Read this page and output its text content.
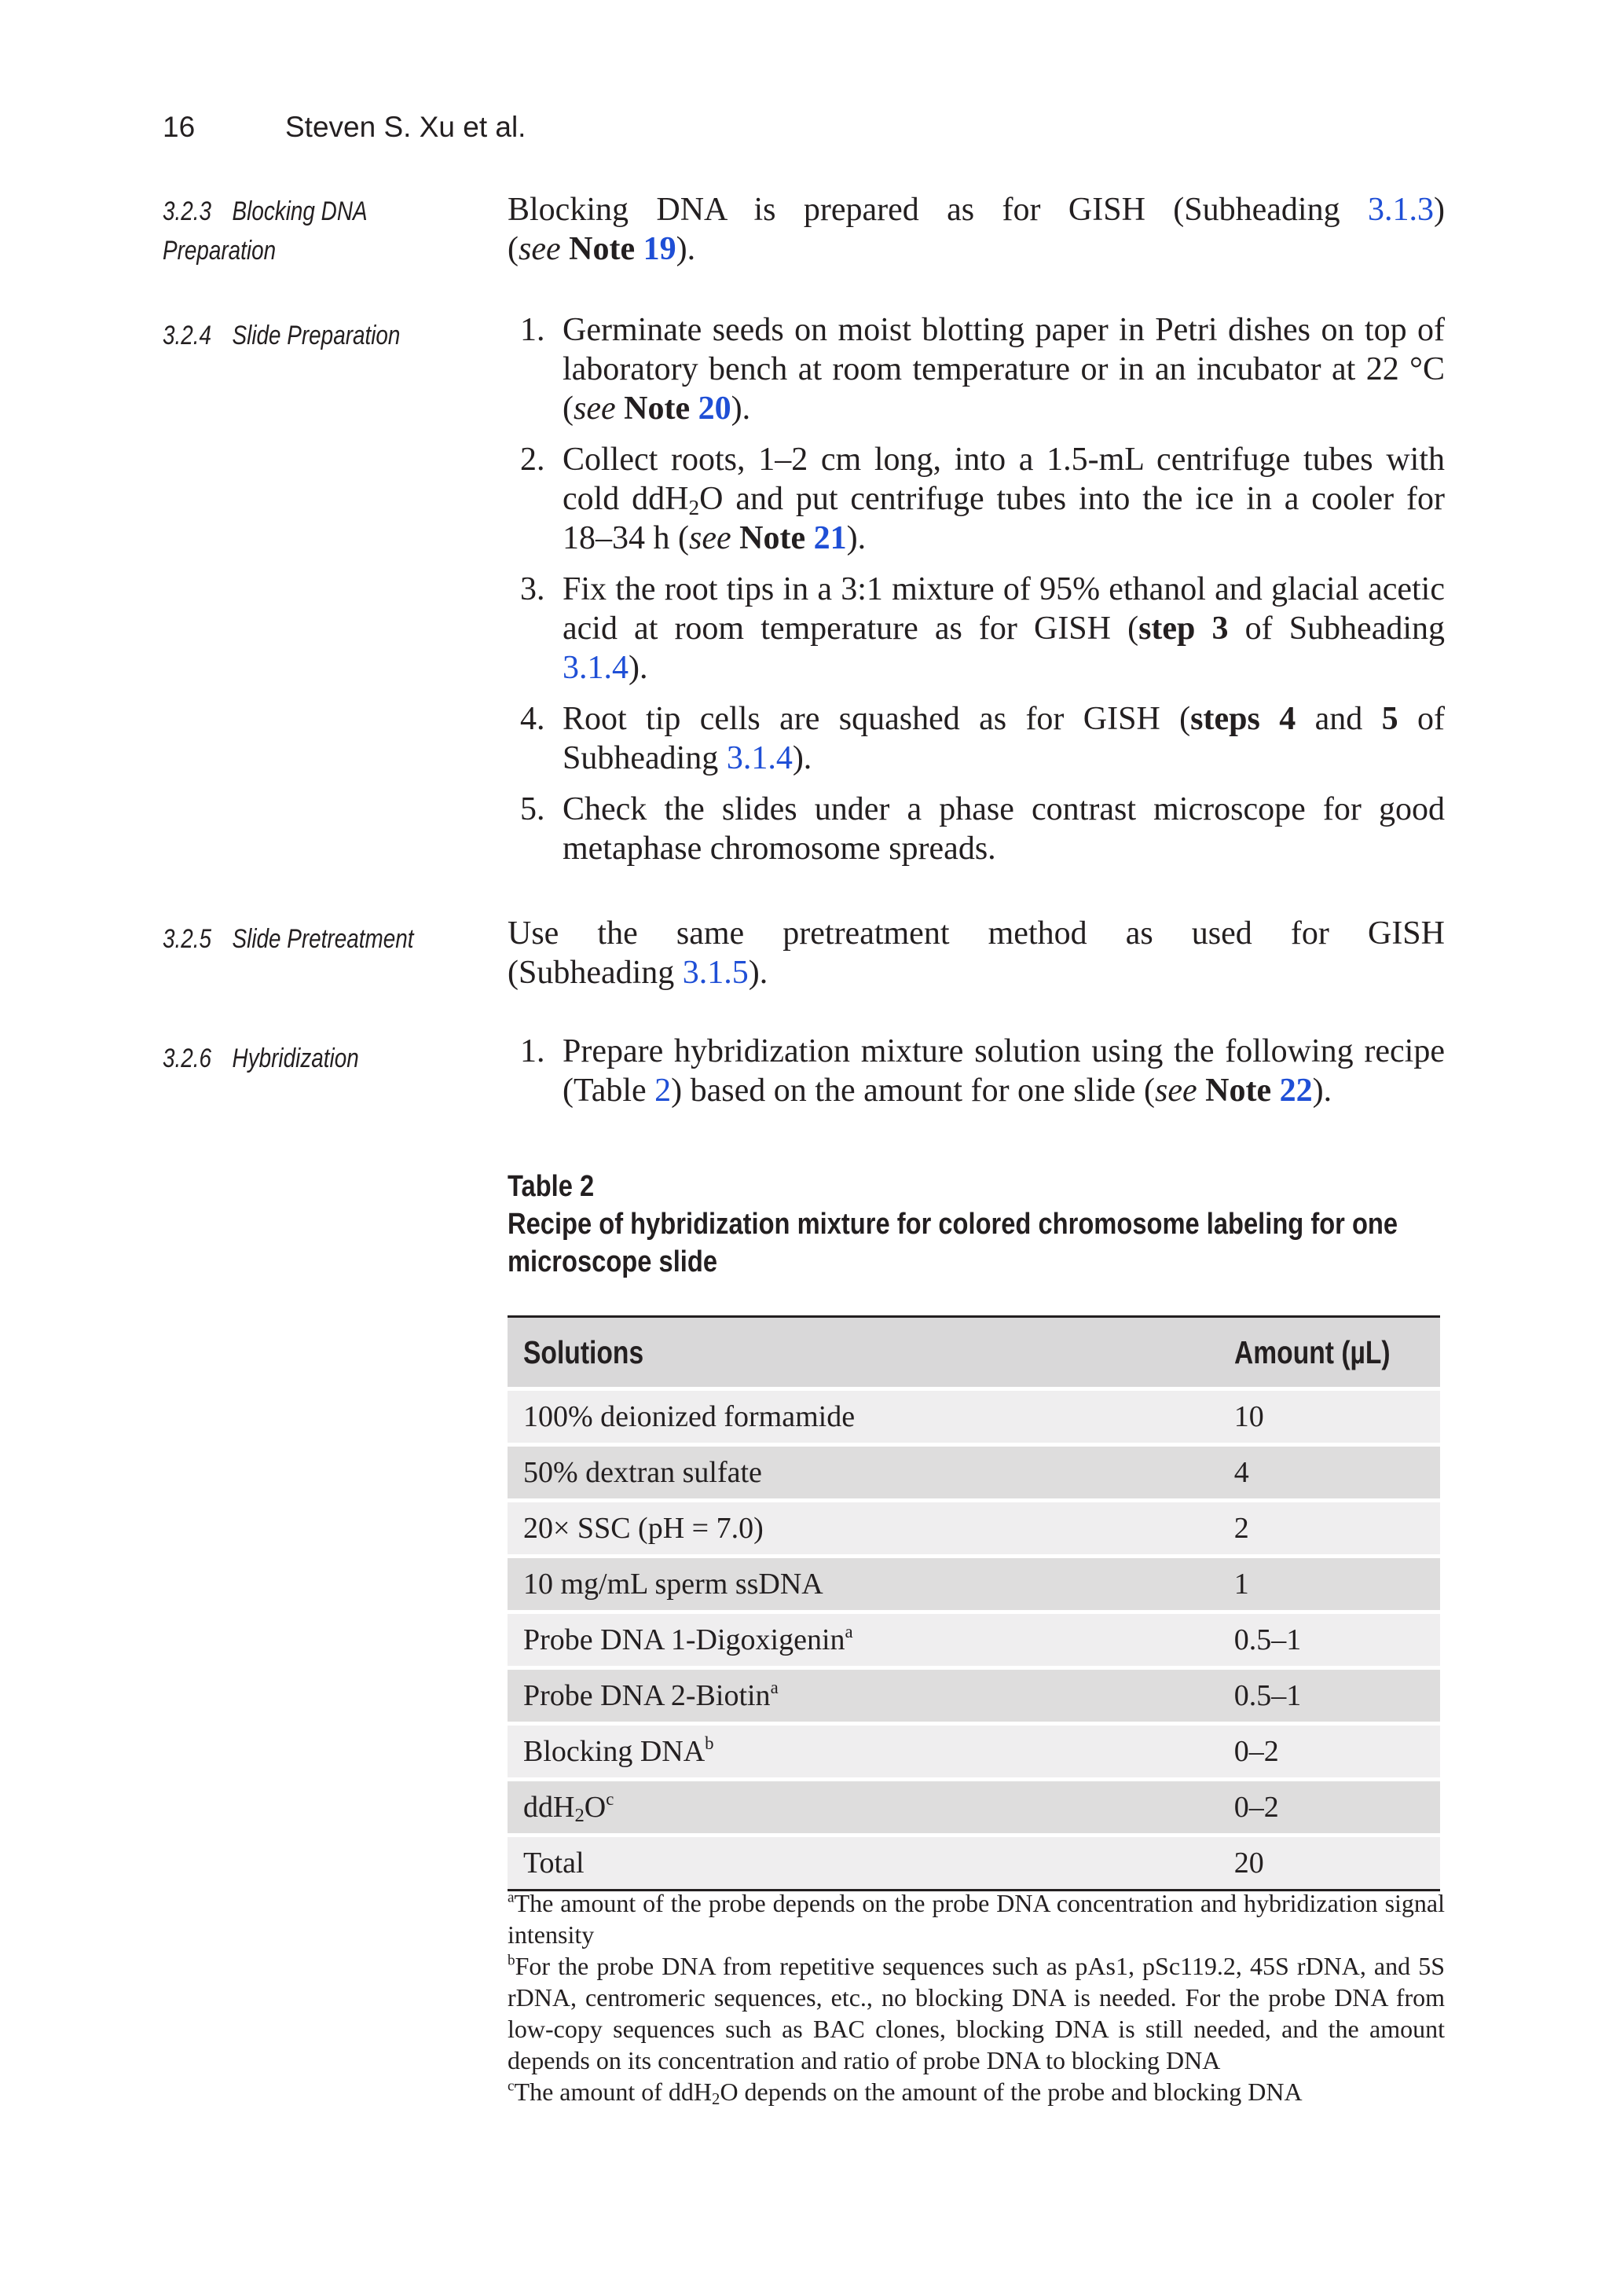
16	Steven S. Xu et al.
3.2.3 Blocking DNA
Preparation
Blocking DNA is prepared as for GISH (Subheading 3.1.3)
(see Note 19).
3.2.4 Slide Preparation	1. Germinate seeds on moist blotting paper in Petri dishes on top of laboratory bench at room temperature or in an incubator at 22 °C (see Note 20).
2. Collect roots, 1–2 cm long, into a 1.5-mL centrifuge tubes with cold ddH$_2$O and put centrifuge tubes into the ice in a cooler for 18–34 h (see Note 21).
3. Fix the root tips in a 3:1 mixture of 95% ethanol and glacial acetic acid at room temperature as for GISH (step 3 of Subheading 3.1.4).
4. Root tip cells are squashed as for GISH (steps 4 and 5 of Subheading 3.1.4).
5. Check the slides under a phase contrast microscope for good metaphase chromosome spreads.
3.2.5 Slide Pretreatment	Use the same pretreatment method as used for GISH
(Subheading 3.1.5).
3.2.6 Hybridization	1. Prepare hybridization mixture solution using the following recipe (Table 2) based on the amount for one slide (see Note 22).
Table 2
Recipe of hybridization mixture for colored chromosome labeling for one
microscope slide
Solutions	Amount (µL)
100% deionized formamide	10
50% dextran sulfate	4
20× SSC (pH = 7.0)	2
10 mg/mL sperm ssDNA	1
Probe DNA 1-Digoxigenin$^a$	0.5–1
Probe DNA 2-Biotin$^a$	0.5–1
Blocking DNA$^b$	0–2
$ddH_2O^c$	0–2
Total	20

$^a$The amount of the probe depends on the probe DNA concentration and hybridization signal intensity

$^b$For the probe DNA from repetitive sequences such as pAs1, pSc119.2, 45S rDNA, and 5S rDNA, centromeric sequences, etc., no blocking DNA is needed. For the probe DNA from low-copy sequences such as BAC clones, blocking DNA is still needed, and the amount depends on its concentration and ratio of probe DNA to blocking DNA

$^c$The amount of ddH$_2$O depends on the amount of the probe and blocking DNA
